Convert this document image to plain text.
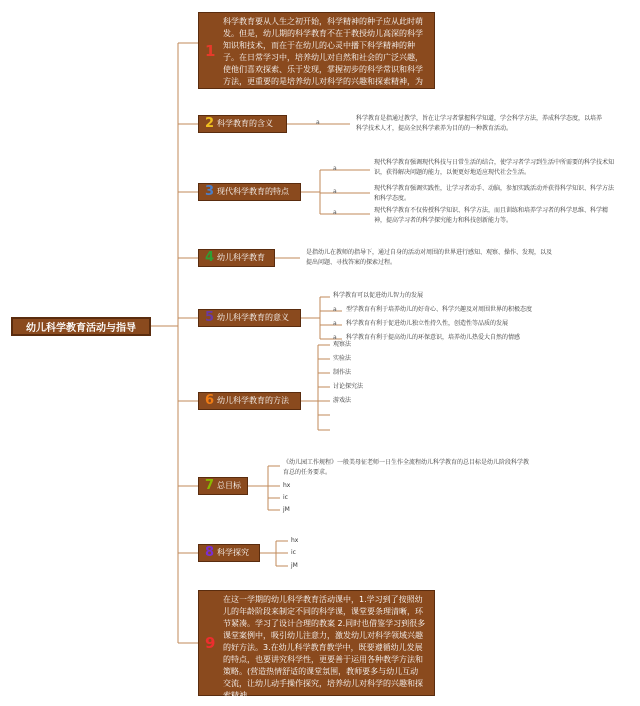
幼儿科学教育活动与指导
1
科学教育要从人生之初开始，科学精神的种子应从此时萌发。但是，幼儿期的科学教育不在于教授幼儿高深的科学知识和技术，而在于在幼儿的心灵中播下科学精神的种子。在日常学习中，培养幼儿对自然和社会的广泛兴趣，使他们喜欢探索、乐于发现，掌握初步的科学常识和科学方法，更重要的是培养幼儿对科学的兴趣和探索精神，为日后发展打下坚实基础。
2 科学教育的含义	a
科学教育是指通过教学，旨在让学习者掌握科学知道，学会科学方法，养成科学态度，以培养科学技术人才，提高全民科学素养为目的的一种教育活动。
3 现代科学教育的特点
a
a
a
现代科学教育强调现代科技与日常生活的结合，使学习者学习到生活中所需要的科学技术知识，获得解决问题的能力，以便更好地适应现代社会生活。
现代科学教育强调实践性，让学习者动手、动脑，参加实践活动并获得科学知识、科学方法和科学态度。
现代科学教育不仅传授科学知识、科学方法，而且训练和培养学习者的科学思维、科学精神，提高学习者的科学探究能力和科技创新能力等。
4 幼儿科学教育
是指幼儿在教师的指导下，通过自身的活动对周围的世界进行感知、观察、操作、发现，以及提出问题、寻找答案的探索过程。
5 幼儿科学教育的意义
科学教育可以促进幼儿智力的发展
a
a
a
型学教育有利于培养幼儿的好奇心、科学兴趣及对周围世界的积极态度
科学教育有利于促进幼儿独立性持久性，创造性等品质的发展
科学教育有利于提高幼儿的环保意识，培养幼儿热爱大自然的情感
6 幼儿科学教育的方法
观察法
实验法
制作法
讨论探究法
游戏法
7 总目标
《幼儿园工作规程》一般美母征老师一日生作全流程幼儿科学教育的总目标是幼儿阶段科学教育总的任务要求。
hx
ic
jM
8 科学探究
hx
ic
jM
9
在这一学期的幼儿科学教育活动课中，1.学习到了按照幼儿的年龄阶段来制定不同的科学课，课堂要条理清晰，环节紧凑。学习了设计合理的教案 2.同时也借鉴学习到很多课堂案例中，吸引幼儿注意力，激发幼儿对科学领域兴趣的好方法。3.在幼儿科学教育教学中，既要遵循幼儿发展的特点，也要讲究科学性，更要善于运用各种教学方法和策略。(营造热情舒适的课堂氛围，教师要多与幼儿互动交流，让幼儿动手操作探究，培养幼儿对科学的兴趣和探索精神
